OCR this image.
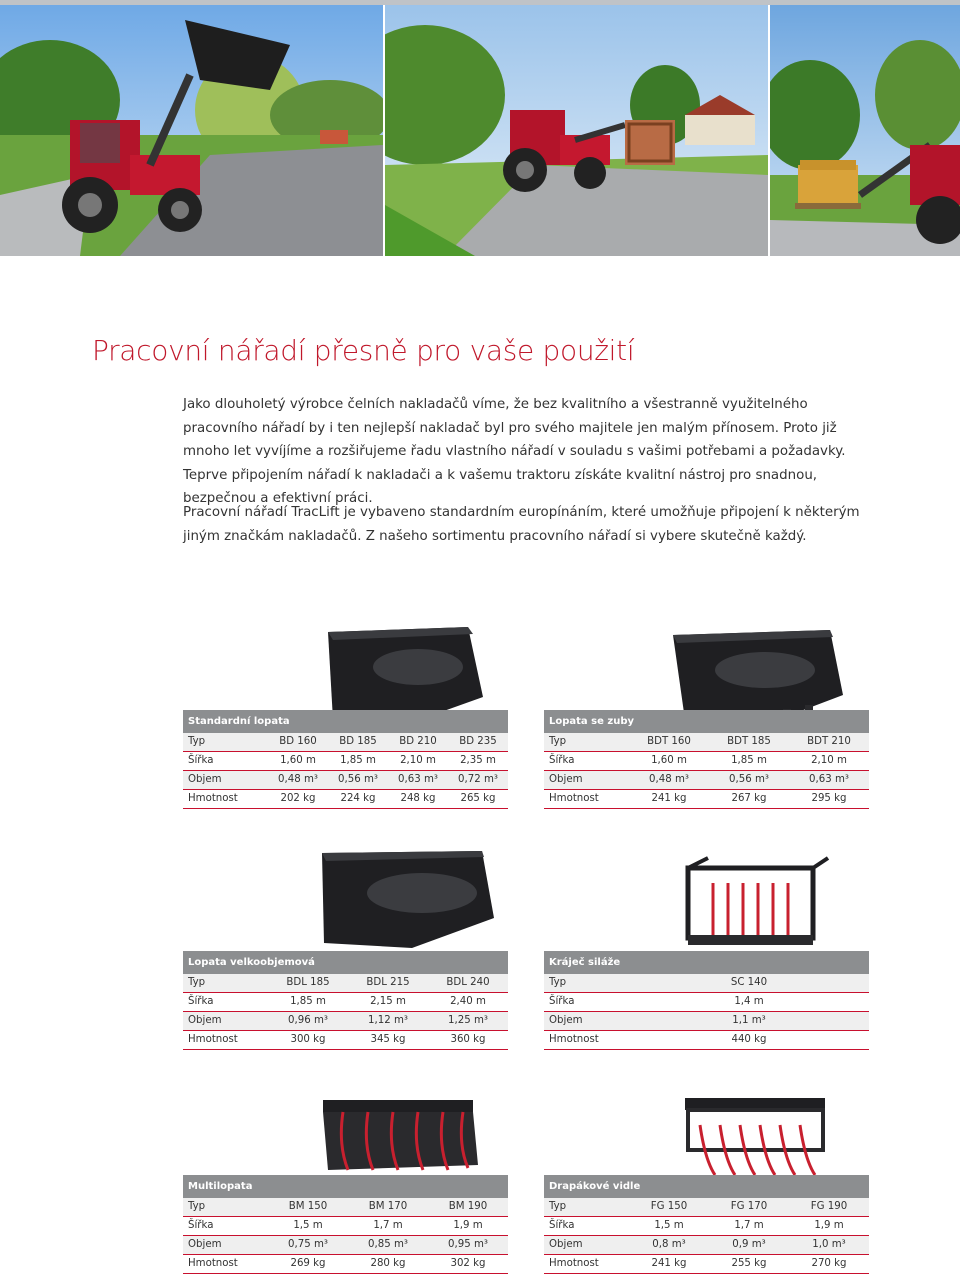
Pracovní nářadí přesně pro vaše použití

Jako dlouholetý výrobce čelních nakladačů víme, že bez kvalitního a všestranně využitelného pracovního nářadí by i ten nejlepší nakladač byl pro svého majitele jen malým přínosem. Proto již mnoho let vyvíjíme a rozšiřujeme řadu vlastního nářadí v souladu s vašimi potřebami a požadavky. Teprve připojením nářadí k nakladači a k vašemu traktoru získáte kvalitní nástroj pro snadnou, bezpečnou a efektivní práci.

Pracovní nářadí TracLift je vybaveno standardním europínáním, které umožňuje připojení k některým jiným značkám nakladačů. Z našeho sortimentu pracovního nářadí si vybere skutečně každý.

Standardní lopata
Typ	BD 160	BD 185	BD 210	BD 235
Šířka	1,60 m	1,85 m	2,10 m	2,35 m
Objem	0,48 m³	0,56 m³	0,63 m³	0,72 m³
Hmotnost	202 kg	224 kg	248 kg	265 kg
Lopata se zuby
Typ	BDT 160	BDT 185	BDT 210
Šířka	1,60 m	1,85 m	2,10 m
Objem	0,48 m³	0,56 m³	0,63 m³
Hmotnost	241 kg	267 kg	295 kg
Lopata velkoobjemová
Typ	BDL 185	BDL 215	BDL 240
Šířka	1,85 m	2,15 m	2,40 m
Objem	0,96 m³	1,12 m³	1,25 m³
Hmotnost	300 kg	345 kg	360 kg
Kráječ siláže
Typ	SC 140
Šířka	1,4 m
Objem	1,1 m³
Hmotnost	440 kg
Multilopata
Typ	BM 150	BM 170	BM 190
Šířka	1,5 m	1,7 m	1,9 m
Objem	0,75 m³	0,85 m³	0,95 m³
Hmotnost	269 kg	280 kg	302 kg
Drapákové vidle
Typ	FG 150	FG 170	FG 190
Šířka	1,5 m	1,7 m	1,9 m
Objem	0,8 m³	0,9 m³	1,0 m³
Hmotnost	241 kg	255 kg	270 kg
